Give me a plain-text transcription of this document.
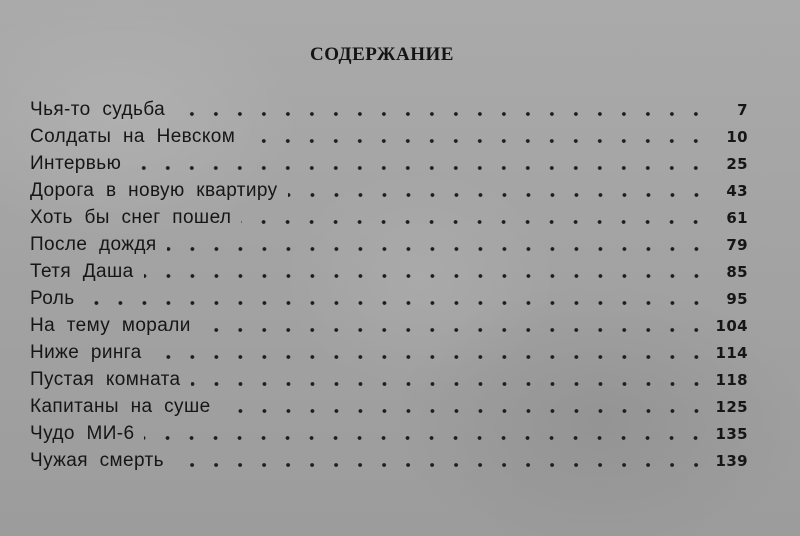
СОДЕРЖАНИЕ
Чья-то судьба	7
Солдаты на Невском	10
Интервью	25
Дорога в новую квартиру	43
Хоть бы снег пошел	61
После дождя	79
Тетя Даша	85
Роль	95
На тему морали	104
Ниже ринга	114
Пустая комната	118
Капитаны на суше	125
Чудо МИ-6	135
Чужая смерть	139
